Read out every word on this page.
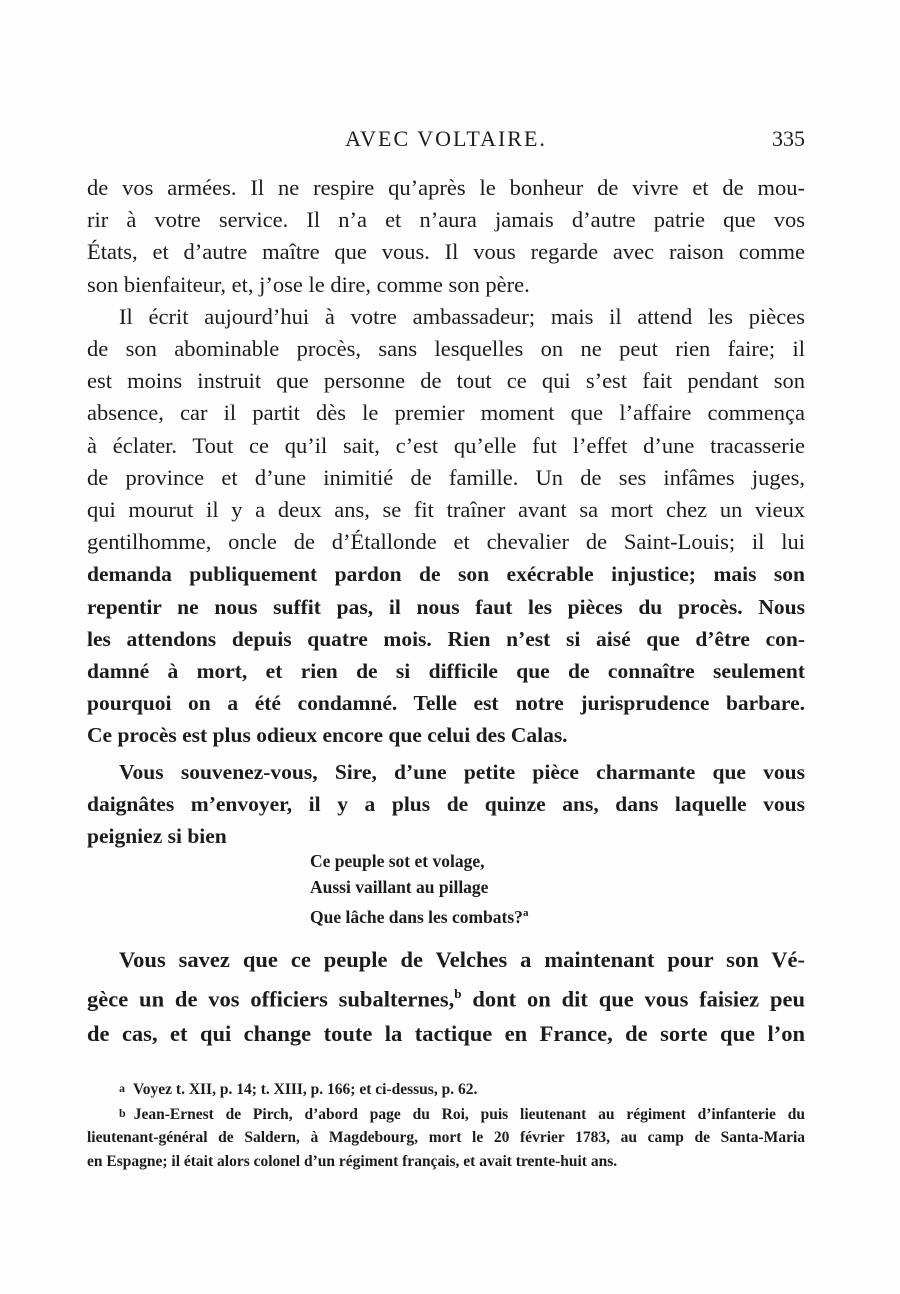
AVEC VOLTAIRE.	335
de vos armées. Il ne respire qu’après le bonheur de vivre et de mou-
rir à votre service. Il n’a et n’aura jamais d’autre patrie que vos
États, et d’autre maître que vous. Il vous regarde avec raison comme
son bienfaiteur, et, j’ose le dire, comme son père.
Il écrit aujourd’hui à votre ambassadeur; mais il attend les pièces
de son abominable procès, sans lesquelles on ne peut rien faire; il
est moins instruit que personne de tout ce qui s’est fait pendant son
absence, car il partit dès le premier moment que l’affaire commença
à éclater. Tout ce qu’il sait, c’est qu’elle fut l’effet d’une tracasserie
de province et d’une inimitié de famille. Un de ses infâmes juges,
qui mourut il y a deux ans, se fit traîner avant sa mort chez un vieux
gentilhomme, oncle de d’Étallonde et chevalier de Saint-Louis; il lui
demanda publiquement pardon de son exécrable injustice; mais son
repentir ne nous suffit pas, il nous faut les pièces du procès. Nous
les attendons depuis quatre mois. Rien n’est si aisé que d’être con-
damné à mort, et rien de si difficile que de connaître seulement
pourquoi on a été condamné. Telle est notre jurisprudence barbare.
Ce procès est plus odieux encore que celui des Calas.
Vous souvenez-vous, Sire, d’une petite pièce charmante que vous
daignâtes m’envoyer, il y a plus de quinze ans, dans laquelle vous
peigniez si bien
Ce peuple sot et volage,
Aussi vaillant au pillage
Que lâche dans les combats?$^a$
Vous savez que ce peuple de Velches a maintenant pour son Vé-
gèce un de vos officiers subalternes,$^b$ dont on dit que vous faisiez peu
de cas, et qui change toute la tactique en France, de sorte que l’on
a Voyez t. XII, p. 14; t. XIII, p. 166; et ci-dessus, p. 62.
b Jean-Ernest de Pirch, d’abord page du Roi, puis lieutenant au régiment d’infanterie du
lieutenant-général de Saldern, à Magdebourg, mort le 20 février 1783, au camp de Santa-Maria
en Espagne; il était alors colonel d’un régiment français, et avait trente-huit ans.
